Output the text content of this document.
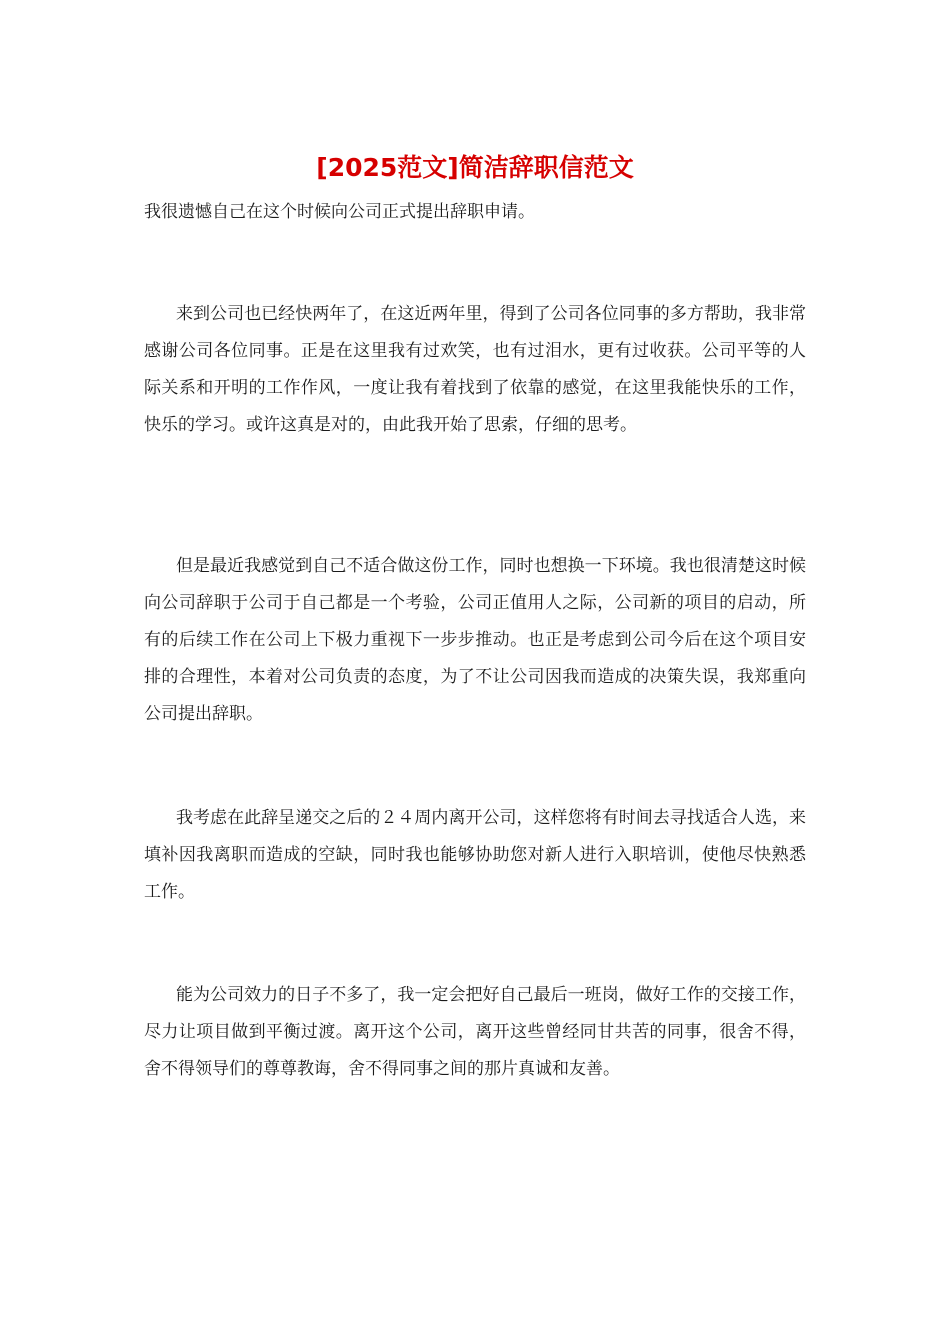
[2025范文]简洁辞职信范文

我很遗憾自己在这个时候向公司正式提出辞职申请。

来到公司也已经快两年了，在这近两年里，得到了公司各位同事的多方帮助，我非常感谢公司各位同事。正是在这里我有过欢笑，也有过泪水，更有过收获。公司平等的人际关系和开明的工作作风，一度让我有着找到了依靠的感觉，在这里我能快乐的工作，快乐的学习。或许这真是对的，由此我开始了思索，仔细的思考。

但是最近我感觉到自己不适合做这份工作，同时也想换一下环境。我也很清楚这时候向公司辞职于公司于自己都是一个考验，公司正值用人之际，公司新的项目的启动，所有的后续工作在公司上下极力重视下一步步推动。也正是考虑到公司今后在这个项目安排的合理性，本着对公司负责的态度，为了不让公司因我而造成的决策失误，我郑重向公司提出辞职。

我考虑在此辞呈递交之后的２４周内离开公司，这样您将有时间去寻找适合人选，来填补因我离职而造成的空缺，同时我也能够协助您对新人进行入职培训，使他尽快熟悉工作。

能为公司效力的日子不多了，我一定会把好自己最后一班岗，做好工作的交接工作，尽力让项目做到平衡过渡。离开这个公司，离开这些曾经同甘共苦的同事，很舍不得，舍不得领导们的尊尊教诲，舍不得同事之间的那片真诚和友善。
